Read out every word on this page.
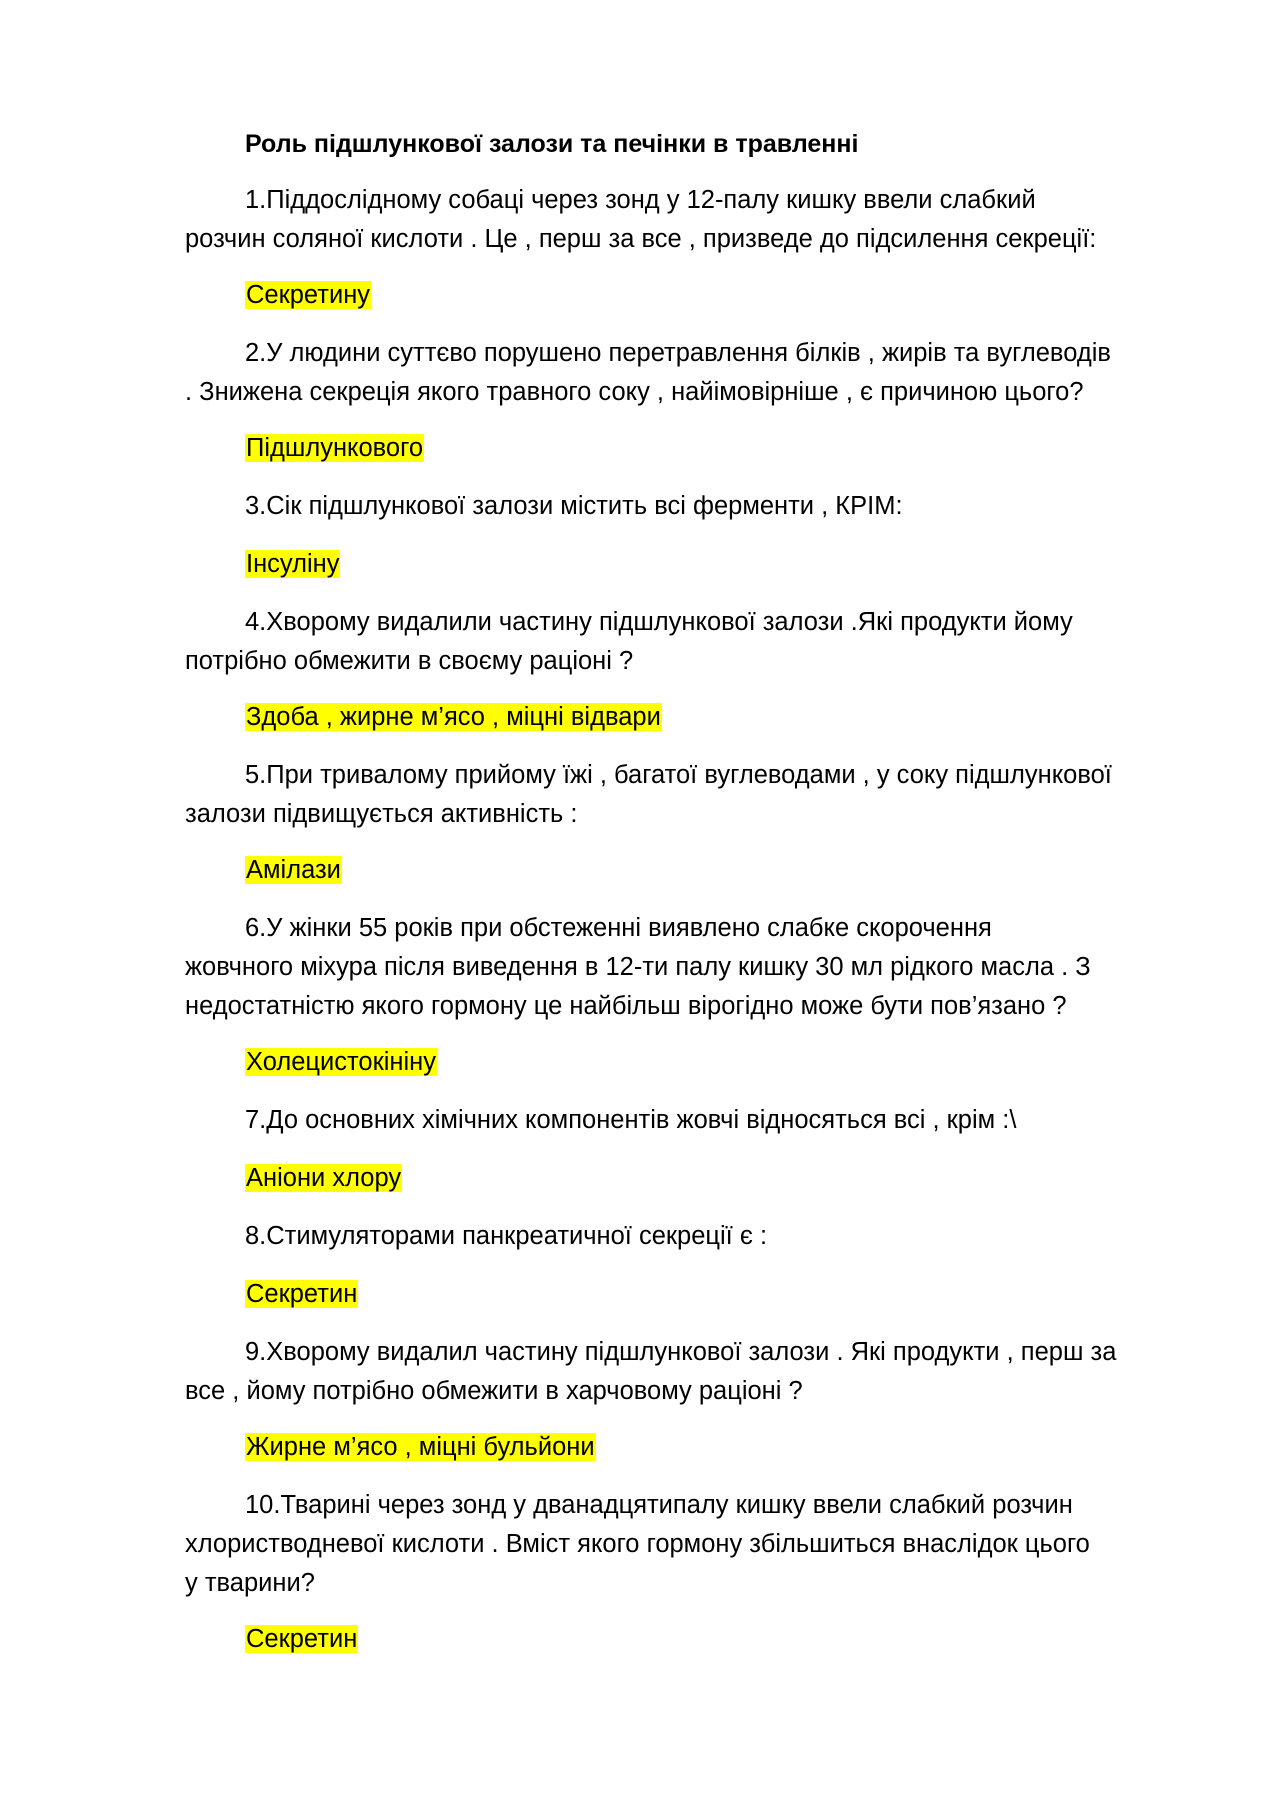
Роль підшлункової залози та печінки в травленні
1.Піддослідному собаці через зонд у 12-палу кишку ввели слабкий
розчин соляної кислоти . Це , перш за все , призведе до підсилення секреції:
Секретину
2.У людини суттєво порушено перетравлення білків , жирів та вуглеводів
. Знижена секреція якого травного соку , найімовірніше , є причиною цього?
Підшлункового
3.Сік підшлункової залози містить всі ферменти , КРІМ:
Інсуліну
4.Хворому видалили частину підшлункової залози .Які продукти йому
потрібно обмежити в своєму раціоні ?
Здоба , жирне м’ясо , міцні відвари
5.При тривалому прийому їжі , багатої вуглеводами , у соку підшлункової
залози підвищується активність :
Амілази
6.У жінки 55 років при обстеженні виявлено слабке скорочення
жовчного міхура після виведення в 12-ти палу кишку 30 мл рідкого масла . З
недостатністю якого гормону це найбільш вірогідно може бути пов’язано ?
Холецистокініну
7.До основних хімічних компонентів жовчі відносяться всі , крім :\
Аніони хлору
8.Стимуляторами панкреатичної секреції є :
Секретин
9.Хворому видалил частину підшлункової залози . Які продукти , перш за
все , йому потрібно обмежити в харчовому раціоні ?
Жирне м’ясо , міцні бульйони
10.Тварині через зонд у дванадцятипалу кишку ввели слабкий розчин
хлористводневої кислоти . Вміст якого гормону збільшиться внаслідок цього
у тварини?
Секретин
